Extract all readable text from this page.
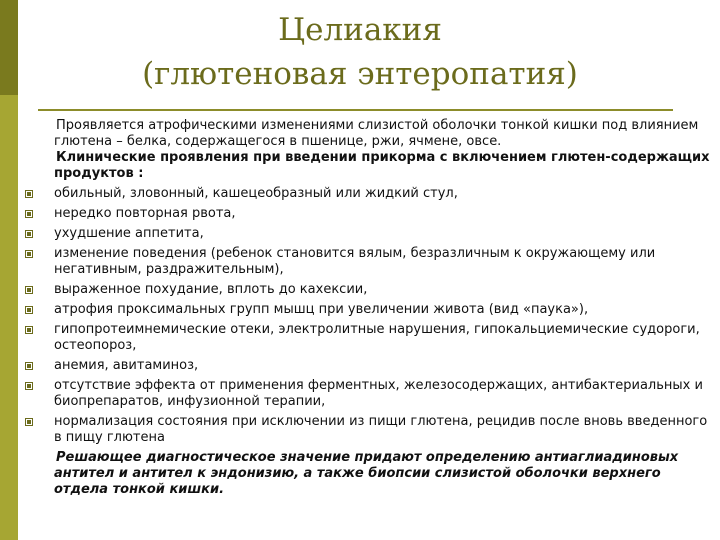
Целиакия
(глютеновая энтеропатия)

Проявляется атрофическими изменениями слизистой оболочки тонкой кишки под влиянием глютена – белка, содержащегося в пшенице, ржи, ячмене, овсе.

Клинические проявления при введении прикорма с включением глютен-содержащих продуктов :

обильный, зловонный, кашецеобразный или жидкий стул,
нередко повторная рвота,
ухудшение аппетита,
изменение поведения (ребенок становится вялым, безразличным к окружающему или негативным, раздражительным),
выраженное похудание, вплоть до кахексии,
атрофия проксимальных групп мышц при увеличении живота (вид «паука»),
гипопротеимнемические отеки, электролитные нарушения, гипокальциемические судороги, остеопороз,
анемия, авитаминоз,
отсутствие эффекта от применения ферментных, железосодержащих, антибактериальных и биопрепаратов, инфузионной терапии,
нормализация состояния при исключении из пищи глютена, рецидив после вновь введенного в пищу глютена

Решающее диагностическое значение придают определению антиаглиадиновых антител и антител к эндонизию, а также биопсии слизистой оболочки верхнего отдела тонкой кишки.
